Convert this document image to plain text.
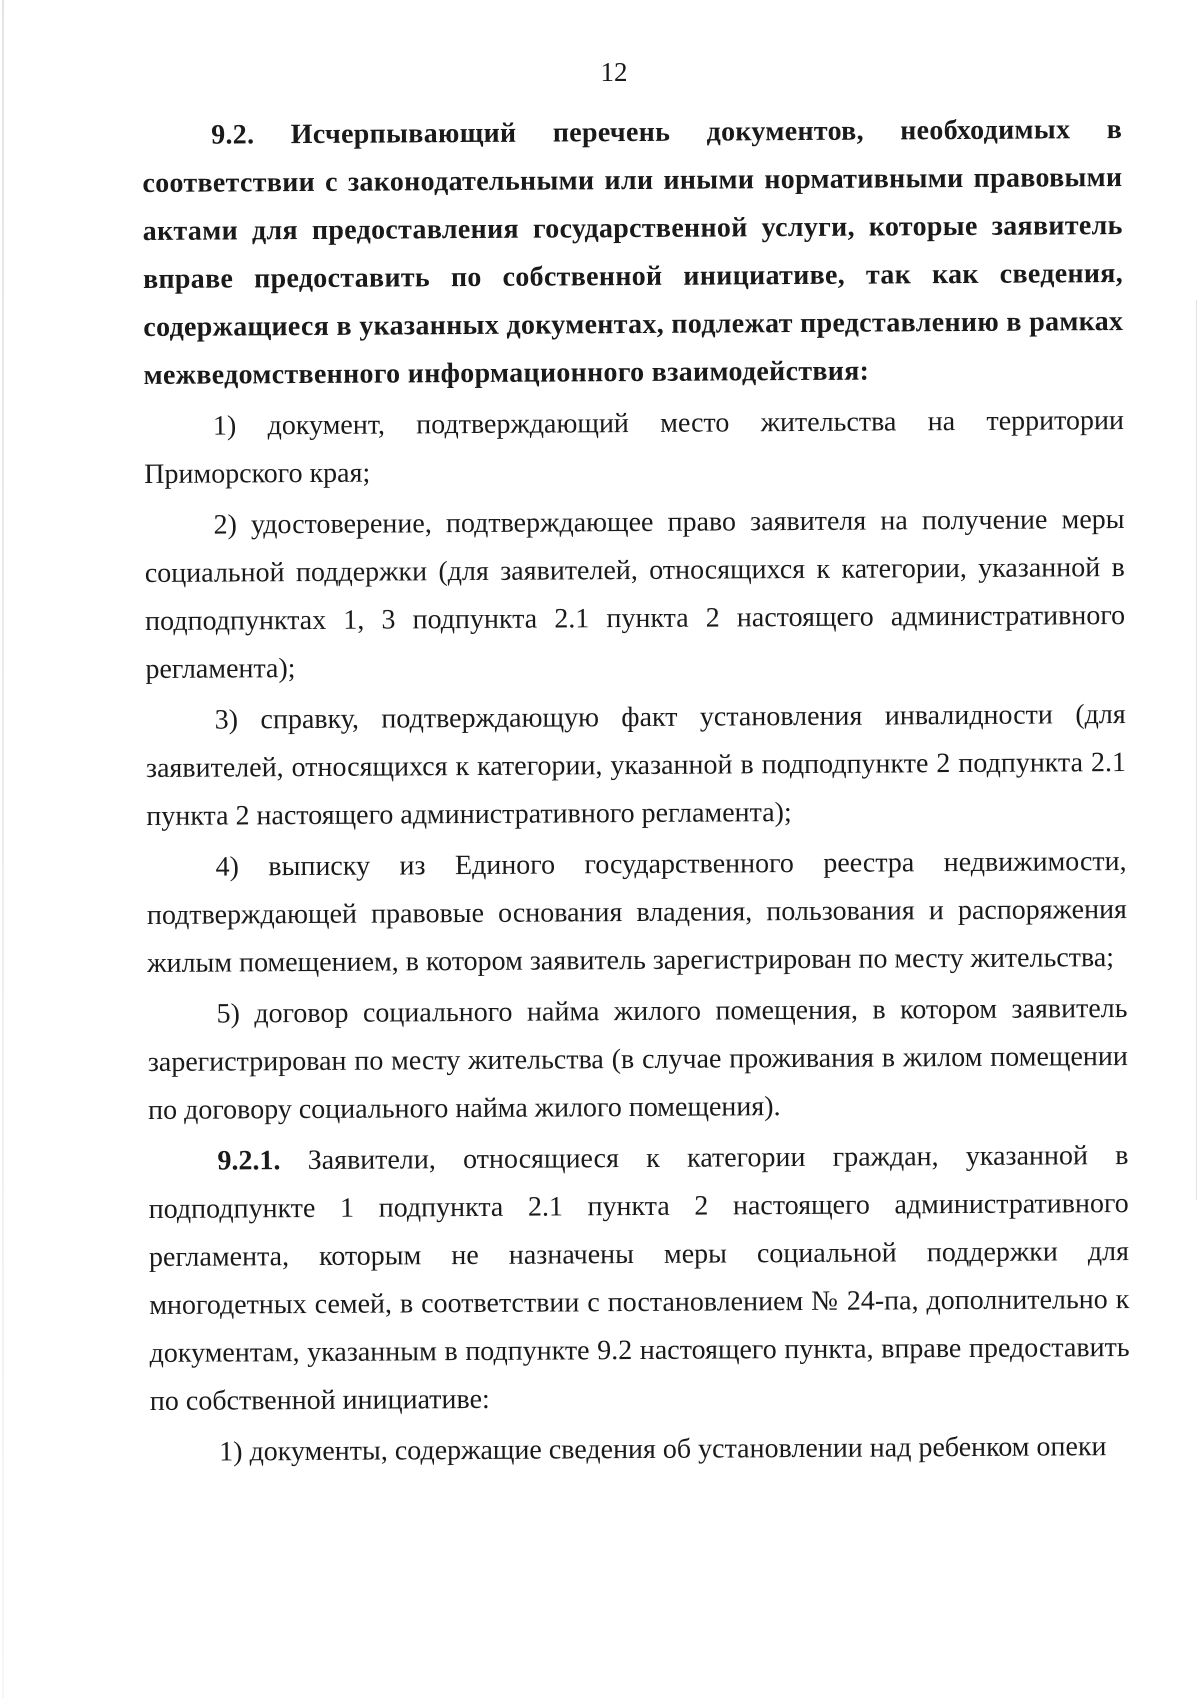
12

9.2. Исчерпывающий перечень документов, необходимых в соответствии с законодательными или иными нормативными правовыми актами для предоставления государственной услуги, которые заявитель вправе предоставить по собственной инициативе, так как сведения, содержащиеся в указанных документах, подлежат представлению в рамках межведомственного информационного взаимодействия:

1) документ, подтверждающий место жительства на территории Приморского края;

2) удостоверение, подтверждающее право заявителя на получение меры социальной поддержки (для заявителей, относящихся к категории, указанной в подподпунктах 1, 3 подпункта 2.1 пункта 2 настоящего административного регламента);

3) справку, подтверждающую факт установления инвалидности (для заявителей, относящихся к категории, указанной в подподпункте 2 подпункта 2.1 пункта 2 настоящего административного регламента);

4) выписку из Единого государственного реестра недвижимости, подтверждающей правовые основания владения, пользования и распоряжения жилым помещением, в котором заявитель зарегистрирован по месту жительства;

5) договор социального найма жилого помещения, в котором заявитель зарегистрирован по месту жительства (в случае проживания в жилом помещении по договору социального найма жилого помещения).

9.2.1. Заявители, относящиеся к категории граждан, указанной в подподпункте 1 подпункта 2.1 пункта 2 настоящего административного регламента, которым не назначены меры социальной поддержки для многодетных семей, в соответствии с постановлением № 24-па, дополнительно к документам, указанным в подпункте 9.2 настоящего пункта, вправе предоставить по собственной инициативе:

1) документы, содержащие сведения об установлении над ребенком опеки
